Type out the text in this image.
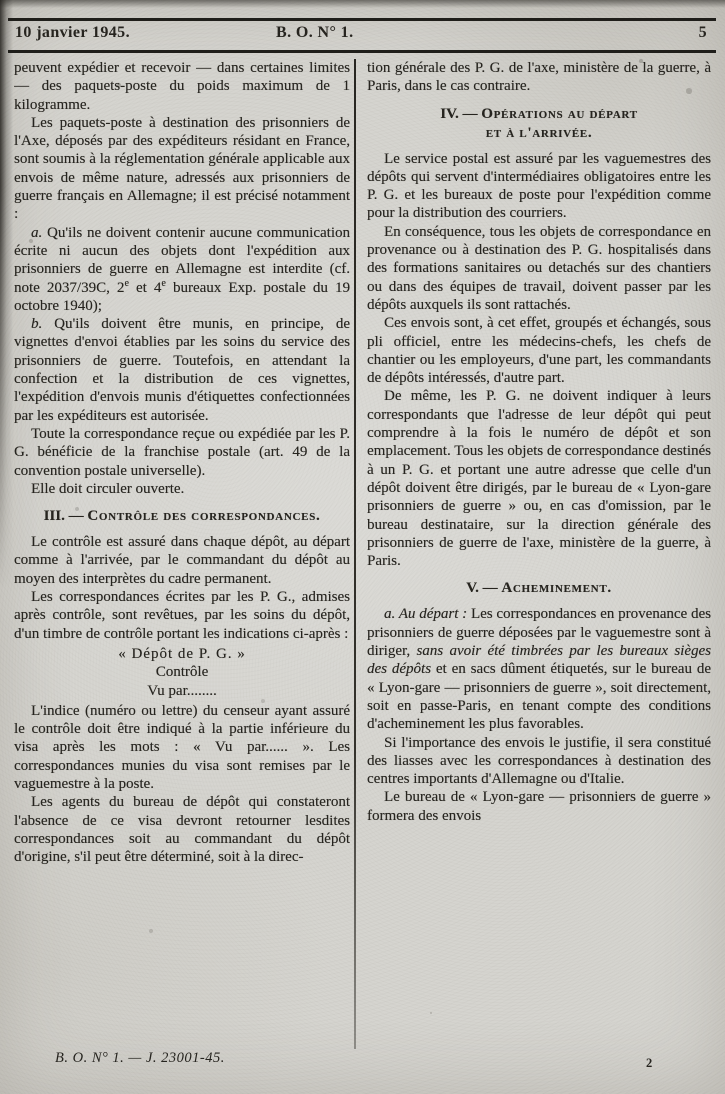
10 janvier 1945.	B. O. N° 1.	5

peuvent expédier et recevoir — dans certaines limites — des paquets-poste du poids maximum de 1 kilogramme.

Les paquets-poste à destination des prisonniers de l'Axe, déposés par des expéditeurs résidant en France, sont soumis à la réglementation générale applicable aux envois de même nature, adressés aux prisonniers de guerre français en Allemagne; il est précisé notamment :

a. Qu'ils ne doivent contenir aucune communication écrite ni aucun des objets dont l'expédition aux prisonniers de guerre en Allemagne est interdite (cf. note 2037/39C, 2e et 4e bureaux Exp. postale du 19 octobre 1940);

b. Qu'ils doivent être munis, en principe, de vignettes d'envoi établies par les soins du service des prisonniers de guerre. Toutefois, en attendant la confection et la distribution de ces vignettes, l'expédition d'envois munis d'étiquettes confectionnées par les expéditeurs est autorisée.

Toute la correspondance reçue ou expédiée par les P. G. bénéficie de la franchise postale (art. 49 de la convention postale universelle).

Elle doit circuler ouverte.

III. — Contrôle des correspondances.

Le contrôle est assuré dans chaque dépôt, au départ comme à l'arrivée, par le commandant du dépôt au moyen des interprètes du cadre permanent.

Les correspondances écrites par les P. G., admises après contrôle, sont revêtues, par les soins du dépôt, d'un timbre de contrôle portant les indications ci-après :

« Dépôt de P. G. »
Contrôle
Vu par........

L'indice (numéro ou lettre) du censeur ayant assuré le contrôle doit être indiqué à la partie inférieure du visa après les mots : « Vu par...... ». Les correspondances munies du visa sont remises par le vaguemestre à la poste.

Les agents du bureau de dépôt qui constateront l'absence de ce visa devront retourner lesdites correspondances soit au commandant du dépôt d'origine, s'il peut être déterminé, soit à la direc-

tion générale des P. G. de l'axe, ministère de la guerre, à Paris, dans le cas contraire.

IV. — Opérations au départ
et à l'arrivée.

Le service postal est assuré par les vaguemestres des dépôts qui servent d'intermédiaires obligatoires entre les P. G. et les bureaux de poste pour l'expédition comme pour la distribution des courriers.

En conséquence, tous les objets de correspondance en provenance ou à destination des P. G. hospitalisés dans des formations sanitaires ou detachés sur des chantiers ou dans des équipes de travail, doivent passer par les dépôts auxquels ils sont rattachés.

Ces envois sont, à cet effet, groupés et échangés, sous pli officiel, entre les médecins-chefs, les chefs de chantier ou les employeurs, d'une part, les commandants de dépôts intéressés, d'autre part.

De même, les P. G. ne doivent indiquer à leurs correspondants que l'adresse de leur dépôt qui peut comprendre à la fois le numéro de dépôt et son emplacement. Tous les objets de correspondance destinés à un P. G. et portant une autre adresse que celle d'un dépôt doivent être dirigés, par le bureau de « Lyon-gare prisonniers de guerre » ou, en cas d'omission, par le bureau destinataire, sur la direction générale des prisonniers de guerre de l'axe, ministère de la guerre, à Paris.

V. — Acheminement.

a. Au départ : Les correspondances en provenance des prisonniers de guerre déposées par le vaguemestre sont à diriger, sans avoir été timbrées par les bureaux sièges des dépôts et en sacs dûment étiquetés, sur le bureau de « Lyon-gare — prisonniers de guerre », soit directement, soit en passe-Paris, en tenant compte des conditions d'acheminement les plus favorables.

Si l'importance des envois le justifie, il sera constitué des liasses avec les correspondances à destination des centres importants d'Allemagne ou d'Italie.

Le bureau de « Lyon-gare — prisonniers de guerre » formera des envois

B. O. N° 1. — J. 23001-45.	2
